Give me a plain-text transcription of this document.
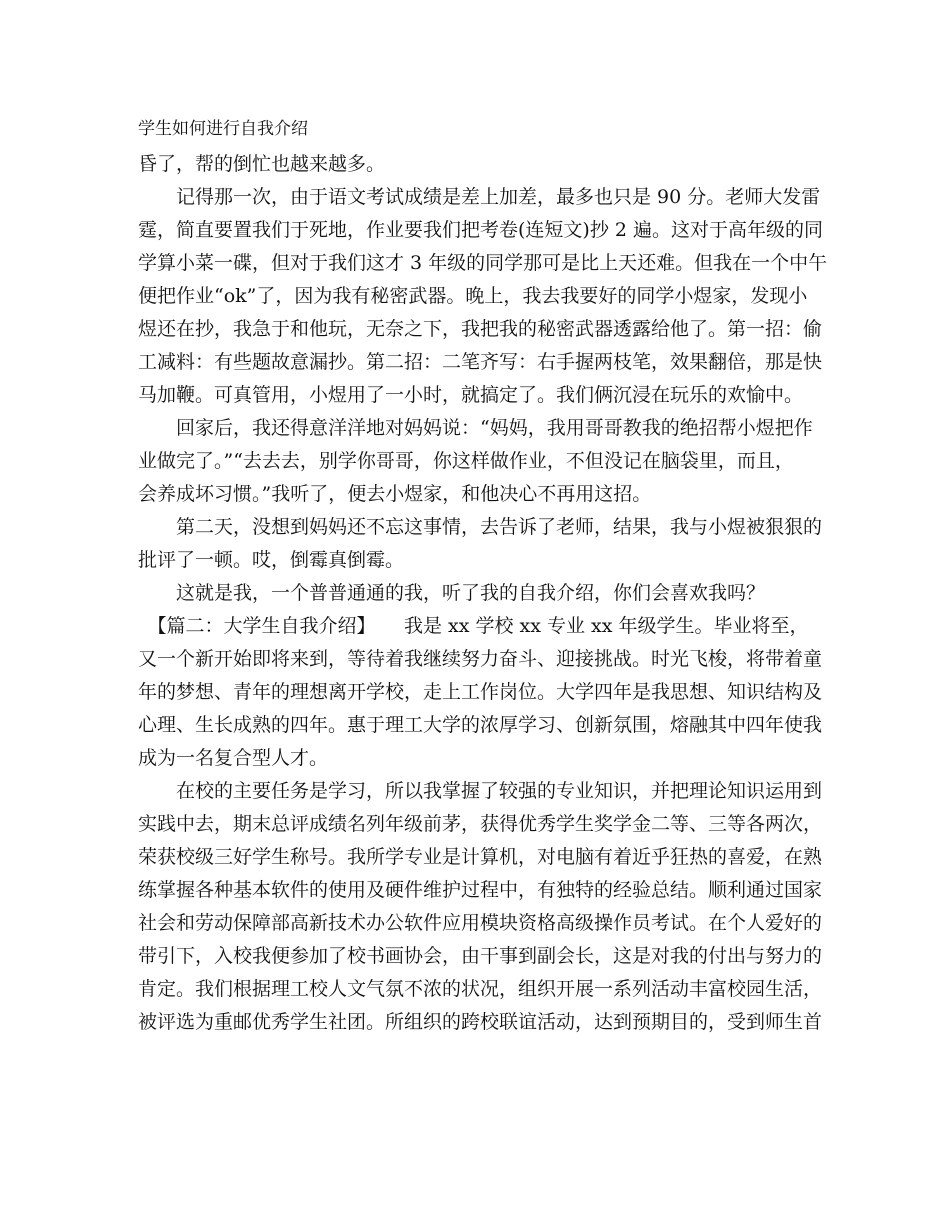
学生如何进行自我介绍
昏了，帮的倒忙也越来越多。
　　记得那一次，由于语文考试成绩是差上加差，最多也只是 90 分。老师大发雷
霆，简直要置我们于死地，作业要我们把考卷(连短文)抄 2 遍。这对于高年级的同
学算小菜一碟，但对于我们这才 3 年级的同学那可是比上天还难。但我在一个中午
便把作业“ok”了，因为我有秘密武器。晚上，我去我要好的同学小煜家，发现小
煜还在抄，我急于和他玩，无奈之下，我把我的秘密武器透露给他了。第一招：偷
工减料：有些题故意漏抄。第二招：二笔齐写：右手握两枝笔，效果翻倍，那是快
马加鞭。可真管用，小煜用了一小时，就搞定了。我们俩沉浸在玩乐的欢愉中。
　　回家后，我还得意洋洋地对妈妈说：“妈妈，我用哥哥教我的绝招帮小煜把作
业做完了。”“去去去，别学你哥哥，你这样做作业，不但没记在脑袋里，而且，
会养成坏习惯。”我听了，便去小煜家，和他决心不再用这招。
　　第二天，没想到妈妈还不忘这事情，去告诉了老师，结果，我与小煜被狠狠的
批评了一顿。哎，倒霉真倒霉。
　　这就是我，一个普普通通的我，听了我的自我介绍，你们会喜欢我吗？
　【篇二：大学生自我介绍】　　我是 xx 学校 xx 专业 xx 年级学生。毕业将至，
又一个新开始即将来到，等待着我继续努力奋斗、迎接挑战。时光飞梭，将带着童
年的梦想、青年的理想离开学校，走上工作岗位。大学四年是我思想、知识结构及
心理、生长成熟的四年。惠于理工大学的浓厚学习、创新氛围，熔融其中四年使我
成为一名复合型人才。
　　在校的主要任务是学习，所以我掌握了较强的专业知识，并把理论知识运用到
实践中去，期末总评成绩名列年级前茅，获得优秀学生奖学金二等、三等各两次，
荣获校级三好学生称号。我所学专业是计算机，对电脑有着近乎狂热的喜爱，在熟
练掌握各种基本软件的使用及硬件维护过程中，有独特的经验总结。顺利通过国家
社会和劳动保障部高新技术办公软件应用模块资格高级操作员考试。在个人爱好的
带引下，入校我便参加了校书画协会，由干事到副会长，这是对我的付出与努力的
肯定。我们根据理工校人文气氛不浓的状况，组织开展一系列活动丰富校园生活，
被评选为重邮优秀学生社团。所组织的跨校联谊活动，达到预期目的，受到师生首
